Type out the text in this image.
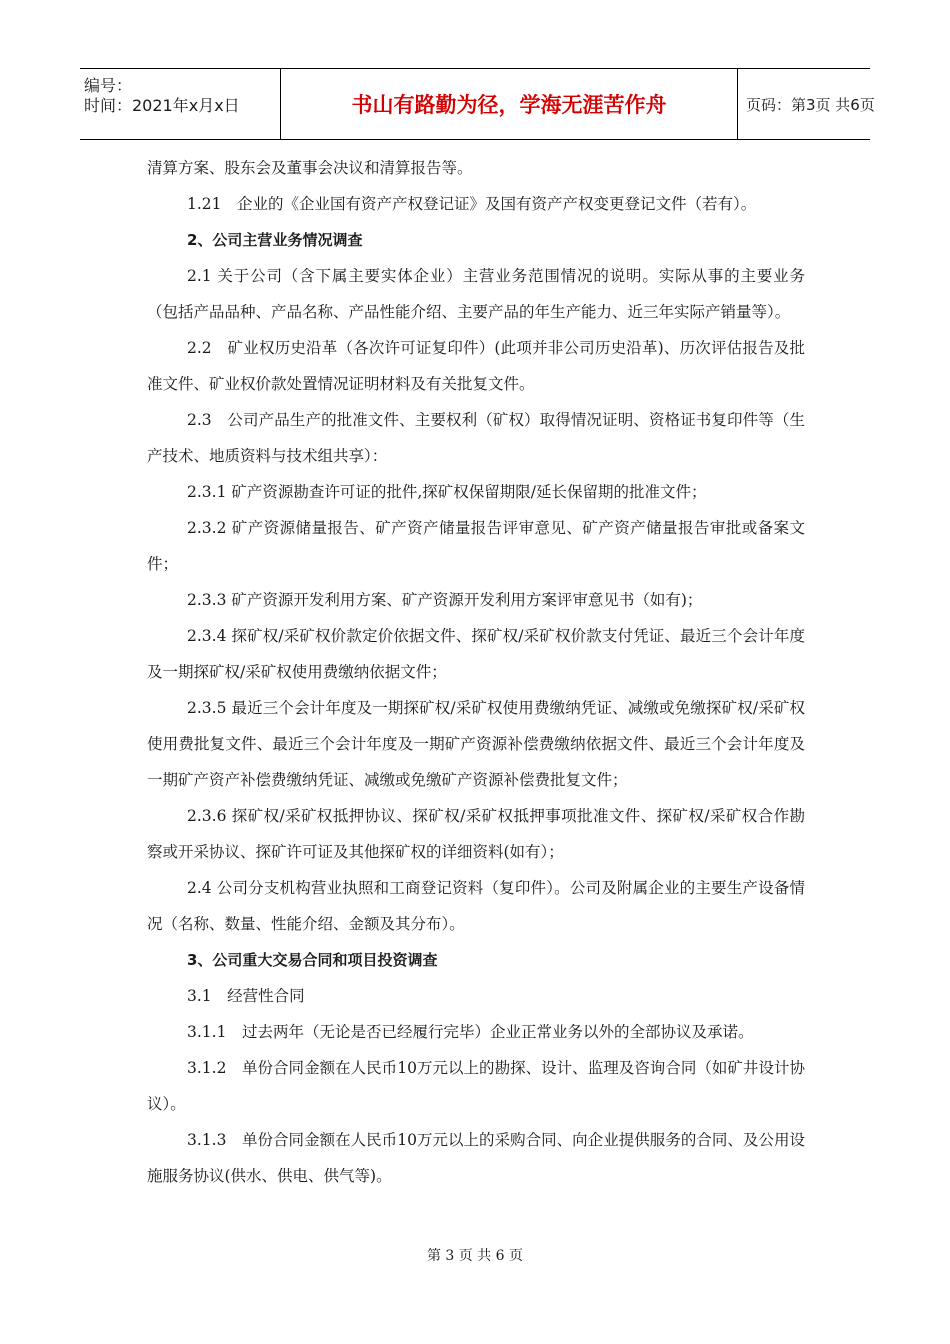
编号：
时间：2021年x月x日	书山有路勤为径，学海无涯苦作舟	页码：第3页 共6页

清算方案、股东会及董事会决议和清算报告等。

1.21　企业的《企业国有资产产权登记证》及国有资产产权变更登记文件（若有）。

2、公司主营业务情况调查

2.1 关于公司（含下属主要实体企业）主营业务范围情况的说明。实际从事的主要业务（包括产品品种、产品名称、产品性能介绍、主要产品的年生产能力、近三年实际产销量等）。

2.2　矿业权历史沿革（各次许可证复印件）(此项并非公司历史沿革)、历次评估报告及批准文件、矿业权价款处置情况证明材料及有关批复文件。

2.3　公司产品生产的批准文件、主要权利（矿权）取得情况证明、资格证书复印件等（生产技术、地质资料与技术组共享）：

2.3.1 矿产资源勘查许可证的批件,探矿权保留期限/延长保留期的批准文件；

2.3.2 矿产资源储量报告、矿产资产储量报告评审意见、矿产资产储量报告审批或备案文件；

2.3.3 矿产资源开发利用方案、矿产资源开发利用方案评审意见书（如有)；

2.3.4 探矿权/采矿权价款定价依据文件、探矿权/采矿权价款支付凭证、最近三个会计年度及一期探矿权/采矿权使用费缴纳依据文件；

2.3.5 最近三个会计年度及一期探矿权/采矿权使用费缴纳凭证、减缴或免缴探矿权/采矿权使用费批复文件、最近三个会计年度及一期矿产资源补偿费缴纳依据文件、最近三个会计年度及一期矿产资产补偿费缴纳凭证、减缴或免缴矿产资源补偿费批复文件；

2.3.6 探矿权/采矿权抵押协议、探矿权/采矿权抵押事项批准文件、探矿权/采矿权合作勘察或开采协议、探矿许可证及其他探矿权的详细资料(如有）；

2.4 公司分支机构营业执照和工商登记资料（复印件）。公司及附属企业的主要生产设备情况（名称、数量、性能介绍、金额及其分布）。

3、公司重大交易合同和项目投资调查

3.1　经营性合同

3.1.1　过去两年（无论是否已经履行完毕）企业正常业务以外的全部协议及承诺。

3.1.2　单份合同金额在人民币10万元以上的勘探、设计、监理及咨询合同（如矿井设计协议）。

3.1.3　单份合同金额在人民币10万元以上的采购合同、向企业提供服务的合同、及公用设施服务协议(供水、供电、供气等)。

第 3 页 共 6 页
